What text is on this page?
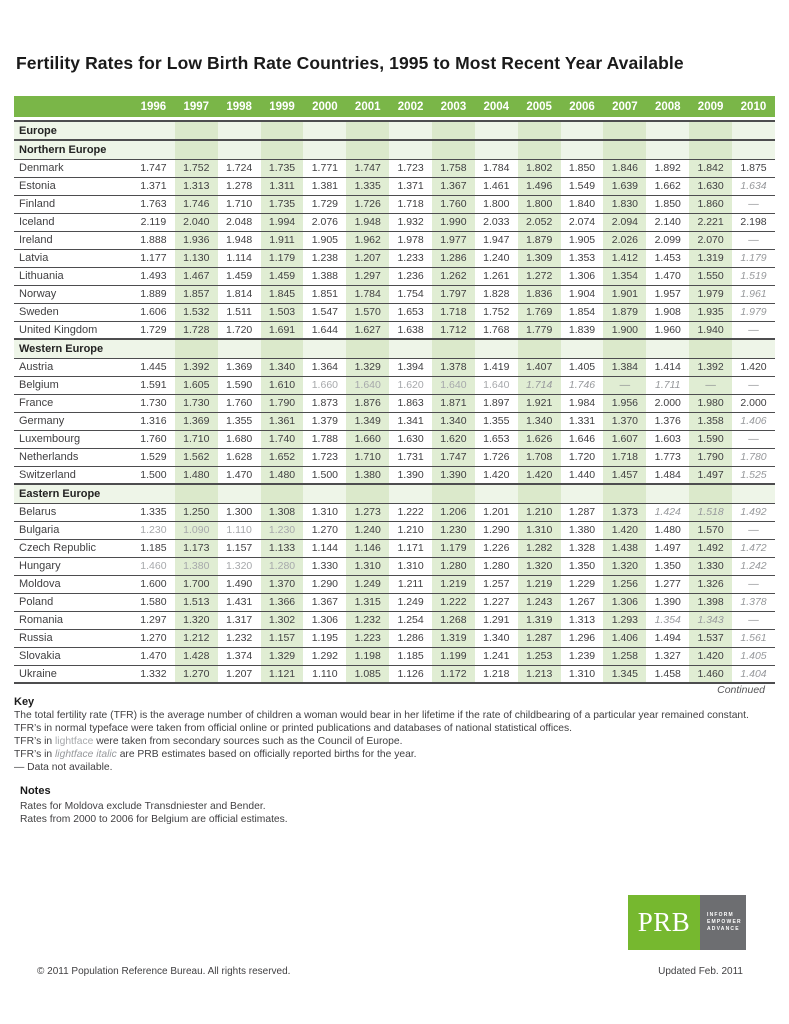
Fertility Rates for Low Birth Rate Countries, 1995 to Most Recent Year Available
1996	1997	1998	1999	2000	2001	2002	2003	2004	2005	2006	2007	2008	2009	2010
Europe															
Northern Europe															
Denmark	1.747	1.752	1.724	1.735	1.771	1.747	1.723	1.758	1.784	1.802	1.850	1.846	1.892	1.842	1.875
Estonia	1.371	1.313	1.278	1.311	1.381	1.335	1.371	1.367	1.461	1.496	1.549	1.639	1.662	1.630	1.634
Finland	1.763	1.746	1.710	1.735	1.729	1.726	1.718	1.760	1.800	1.800	1.840	1.830	1.850	1.860	—
Iceland	2.119	2.040	2.048	1.994	2.076	1.948	1.932	1.990	2.033	2.052	2.074	2.094	2.140	2.221	2.198
Ireland	1.888	1.936	1.948	1.911	1.905	1.962	1.978	1.977	1.947	1.879	1.905	2.026	2.099	2.070	—
Latvia	1.177	1.130	1.114	1.179	1.238	1.207	1.233	1.286	1.240	1.309	1.353	1.412	1.453	1.319	1.179
Lithuania	1.493	1.467	1.459	1.459	1.388	1.297	1.236	1.262	1.261	1.272	1.306	1.354	1.470	1.550	1.519
Norway	1.889	1.857	1.814	1.845	1.851	1.784	1.754	1.797	1.828	1.836	1.904	1.901	1.957	1.979	1.961
Sweden	1.606	1.532	1.511	1.503	1.547	1.570	1.653	1.718	1.752	1.769	1.854	1.879	1.908	1.935	1.979
United Kingdom	1.729	1.728	1.720	1.691	1.644	1.627	1.638	1.712	1.768	1.779	1.839	1.900	1.960	1.940	—
Western Europe															
Austria	1.445	1.392	1.369	1.340	1.364	1.329	1.394	1.378	1.419	1.407	1.405	1.384	1.414	1.392	1.420
Belgium	1.591	1.605	1.590	1.610	1.660	1.640	1.620	1.640	1.640	1.714	1.746	—	1.711	—	—
France	1.730	1.730	1.760	1.790	1.873	1.876	1.863	1.871	1.897	1.921	1.984	1.956	2.000	1.980	2.000
Germany	1.316	1.369	1.355	1.361	1.379	1.349	1.341	1.340	1.355	1.340	1.331	1.370	1.376	1.358	1.406
Luxembourg	1.760	1.710	1.680	1.740	1.788	1.660	1.630	1.620	1.653	1.626	1.646	1.607	1.603	1.590	—
Netherlands	1.529	1.562	1.628	1.652	1.723	1.710	1.731	1.747	1.726	1.708	1.720	1.718	1.773	1.790	1.780
Switzerland	1.500	1.480	1.470	1.480	1.500	1.380	1.390	1.390	1.420	1.420	1.440	1.457	1.484	1.497	1.525
Eastern Europe															
Belarus	1.335	1.250	1.300	1.308	1.310	1.273	1.222	1.206	1.201	1.210	1.287	1.373	1.424	1.518	1.492
Bulgaria	1.230	1.090	1.110	1.230	1.270	1.240	1.210	1.230	1.290	1.310	1.380	1.420	1.480	1.570	—
Czech Republic	1.185	1.173	1.157	1.133	1.144	1.146	1.171	1.179	1.226	1.282	1.328	1.438	1.497	1.492	1.472
Hungary	1.460	1.380	1.320	1.280	1.330	1.310	1.310	1.280	1.280	1.320	1.350	1.320	1.350	1.330	1.242
Moldova	1.600	1.700	1.490	1.370	1.290	1.249	1.211	1.219	1.257	1.219	1.229	1.256	1.277	1.326	—
Poland	1.580	1.513	1.431	1.366	1.367	1.315	1.249	1.222	1.227	1.243	1.267	1.306	1.390	1.398	1.378
Romania	1.297	1.320	1.317	1.302	1.306	1.232	1.254	1.268	1.291	1.319	1.313	1.293	1.354	1.343	—
Russia	1.270	1.212	1.232	1.157	1.195	1.223	1.286	1.319	1.340	1.287	1.296	1.406	1.494	1.537	1.561
Slovakia	1.470	1.428	1.374	1.329	1.292	1.198	1.185	1.199	1.241	1.253	1.239	1.258	1.327	1.420	1.405
Ukraine	1.332	1.270	1.207	1.121	1.110	1.085	1.126	1.172	1.218	1.213	1.310	1.345	1.458	1.460	1.404
Continued
Key

The total fertility rate (TFR) is the average number of children a woman would bear in her lifetime if the rate of childbearing of a particular year remained constant.

TFR’s in normal typeface were taken from official online or printed publications and databases of national statistical offices.

TFR’s in lightface were taken from secondary sources such as the Council of Europe.

TFR’s in lightface italic are PRB estimates based on officially reported births for the year.

— Data not available.

Notes

Rates for Moldova exclude Transdniester and Bender.

Rates from 2000 to 2006 for Belgium are official estimates.

PRB	INFORM
EMPOWER
ADVANCE
© 2011 Population Reference Bureau. All rights reserved.	Updated Feb. 2011
